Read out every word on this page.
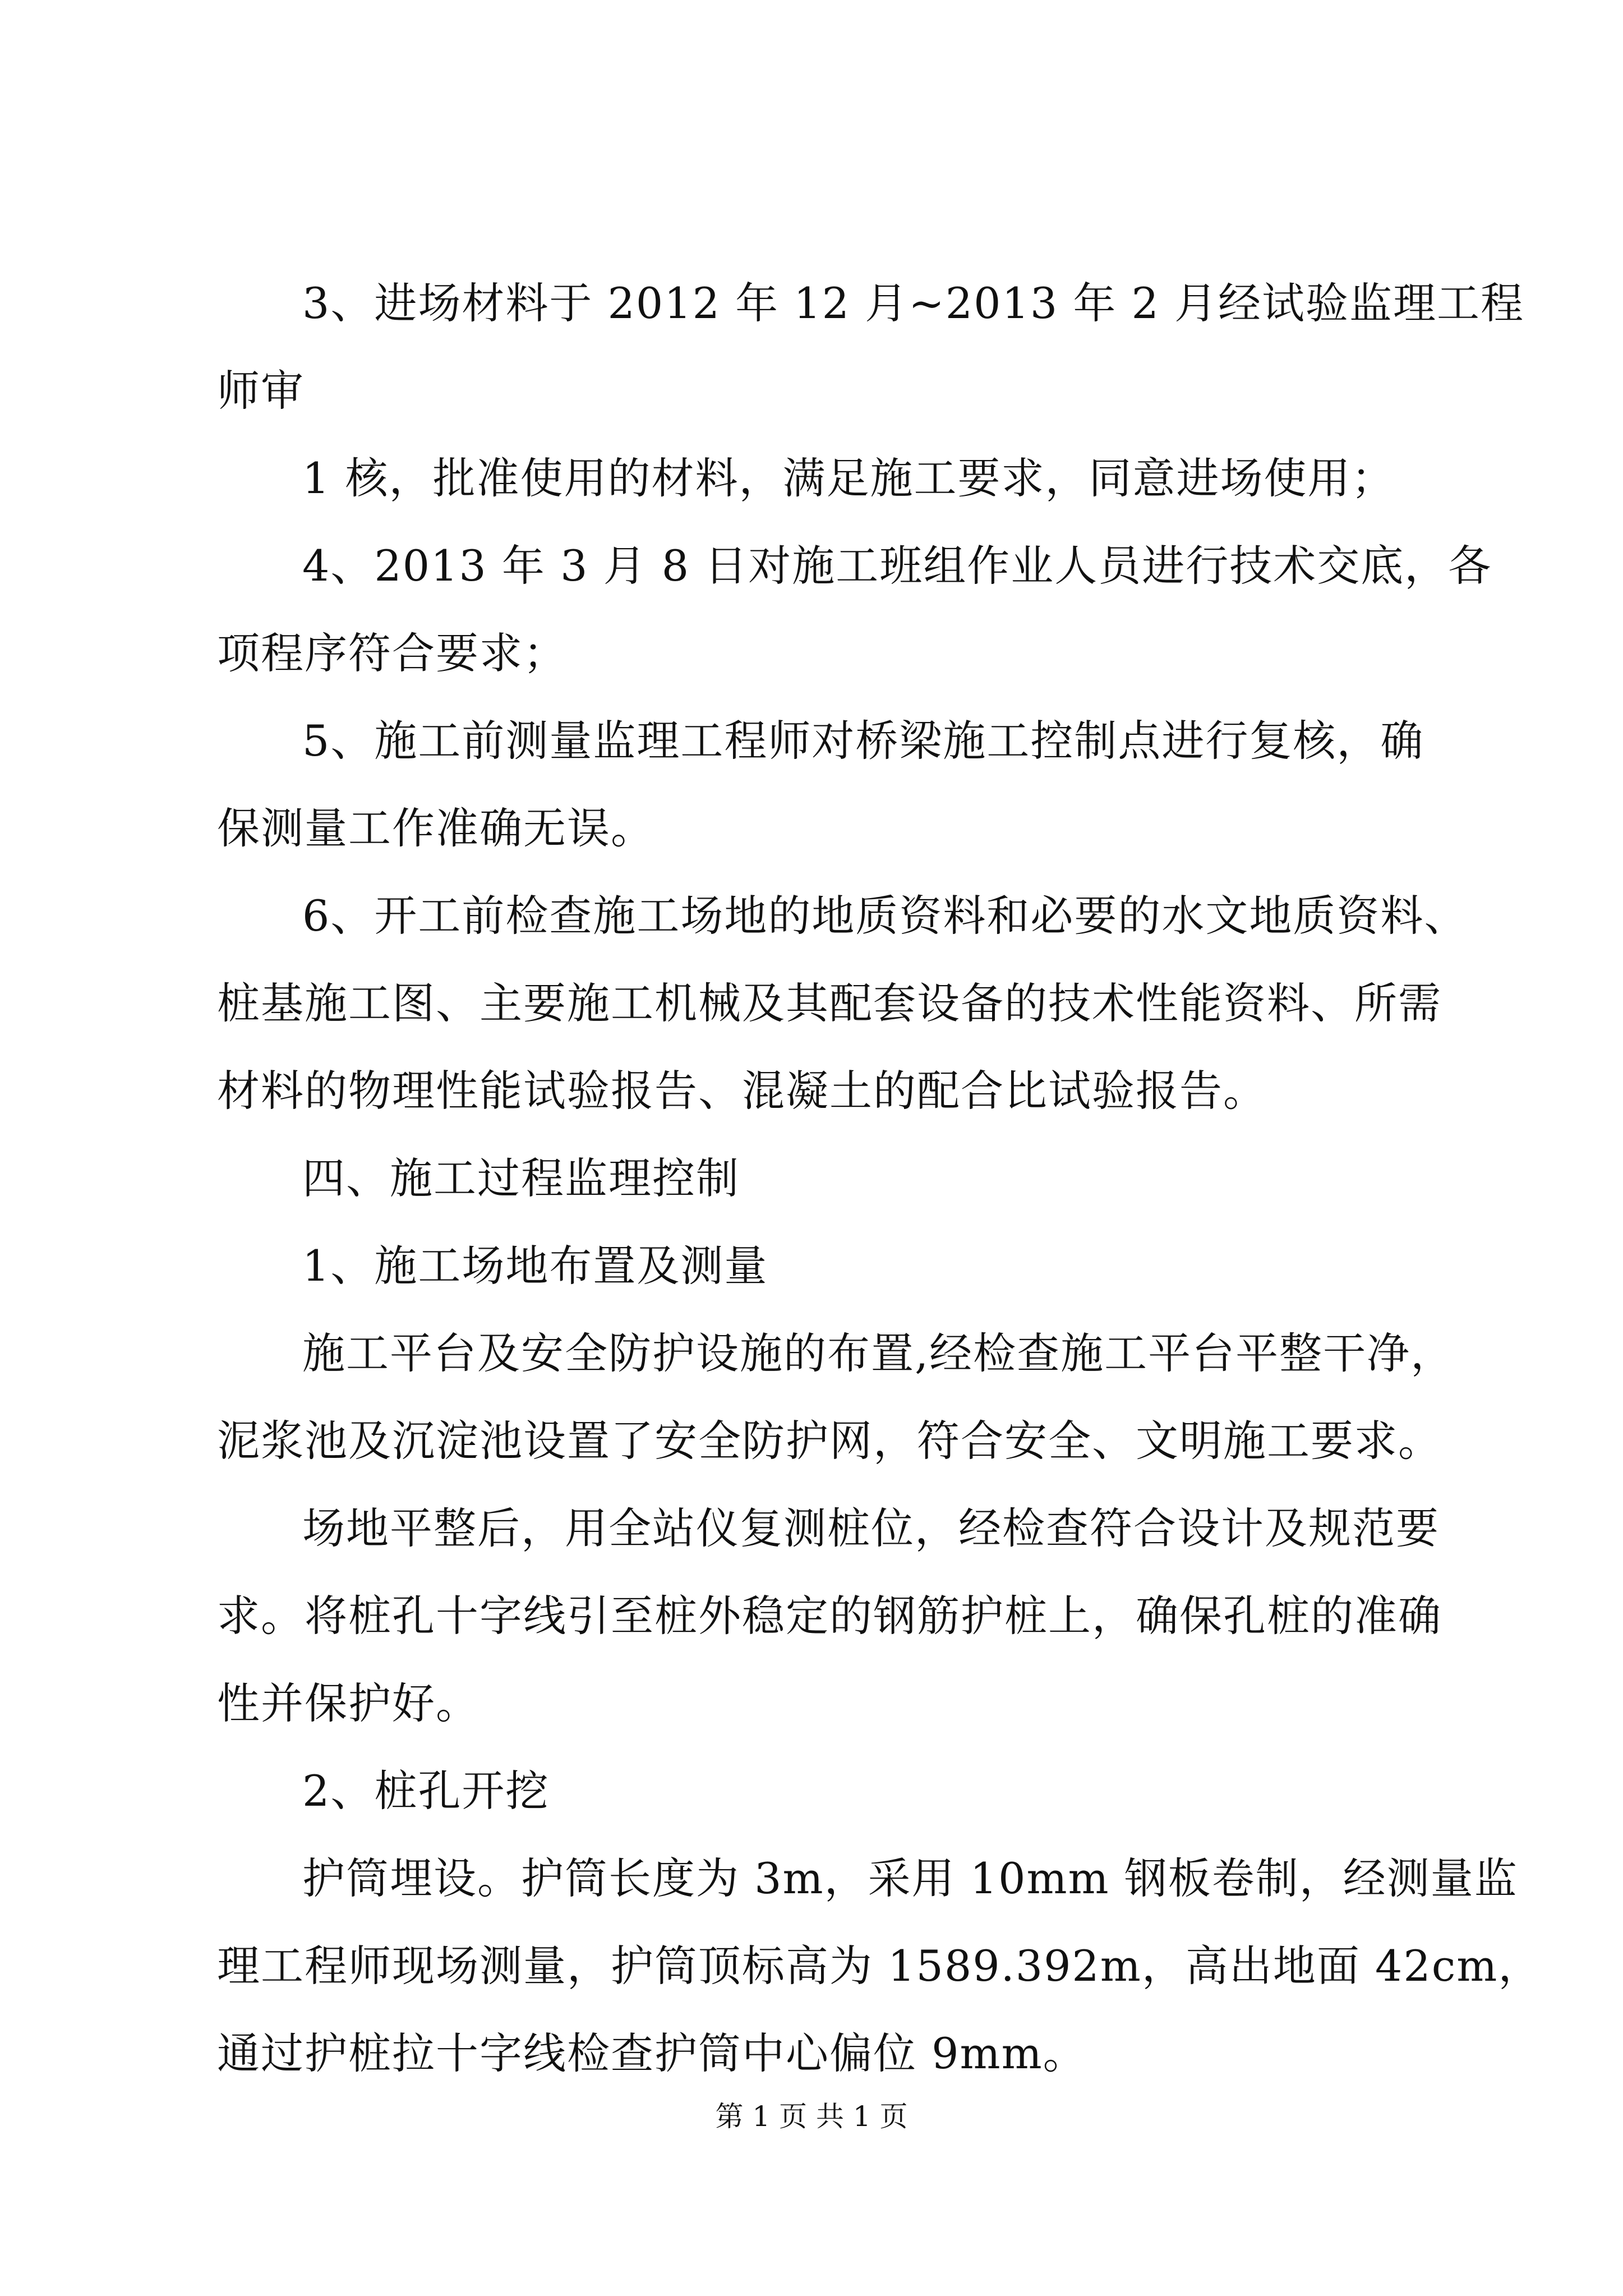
3、进场材料于 2012 年 12 月~2013 年 2 月经试验监理工程
师审
1 核，批准使用的材料，满足施工要求，同意进场使用；
4、2013 年 3 月 8 日对施工班组作业人员进行技术交底，各
项程序符合要求；
5、施工前测量监理工程师对桥梁施工控制点进行复核，确
保测量工作准确无误。
6、开工前检查施工场地的地质资料和必要的水文地质资料、
桩基施工图、主要施工机械及其配套设备的技术性能资料、所需
材料的物理性能试验报告、混凝土的配合比试验报告。
四、施工过程监理控制
1、施工场地布置及测量
施工平台及安全防护设施的布置,经检查施工平台平整干净，
泥浆池及沉淀池设置了安全防护网，符合安全、文明施工要求。
场地平整后，用全站仪复测桩位，经检查符合设计及规范要
求。将桩孔十字线引至桩外稳定的钢筋护桩上，确保孔桩的准确
性并保护好。
2、桩孔开挖
护筒埋设。护筒长度为 3m，采用 10mm 钢板卷制，经测量监
理工程师现场测量，护筒顶标高为 1589.392m，高出地面 42cm，
通过护桩拉十字线检查护筒中心偏位 9mm。
第 1 页 共 1 页
